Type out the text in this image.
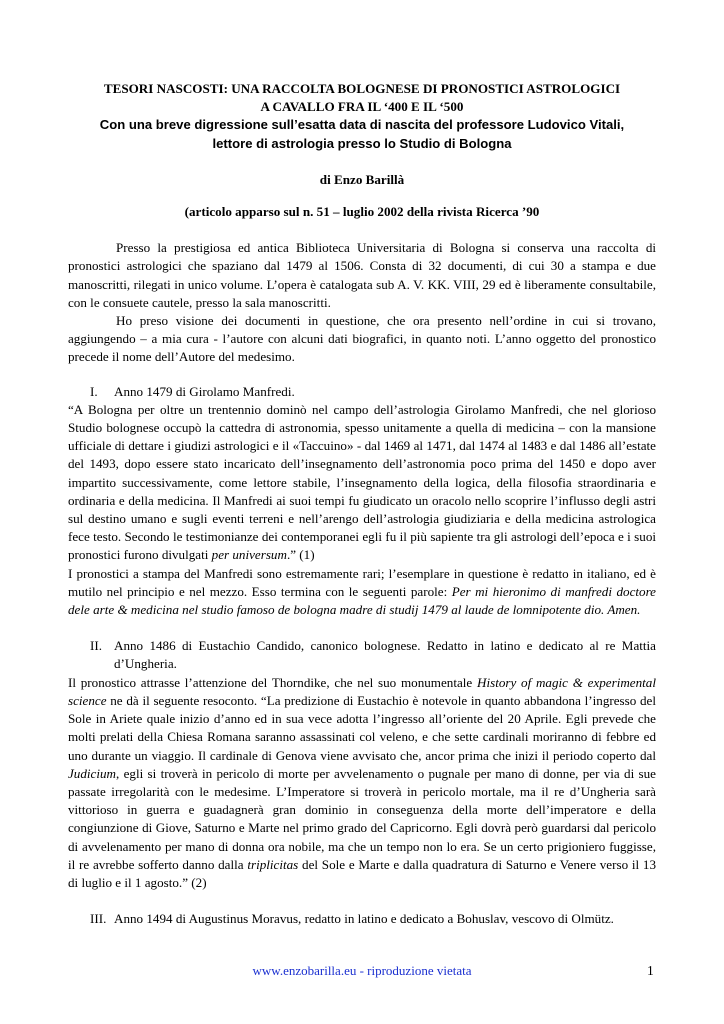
TESORI NASCOSTI: UNA RACCOLTA BOLOGNESE DI PRONOSTICI ASTROLOGICI

A CAVALLO FRA IL ‘400 E IL ‘500

Con una breve digressione sull’esatta data di nascita del professore Ludovico Vitali,

lettore di astrologia presso lo Studio di Bologna

di Enzo Barillà

(articolo apparso sul n. 51 – luglio 2002 della rivista Ricerca ’90

Presso la prestigiosa ed antica Biblioteca Universitaria di Bologna si conserva una raccolta di pronostici astrologici che spaziano dal 1479 al 1506. Consta di 32 documenti, di cui 30 a stampa e due manoscritti, rilegati in unico volume. L’opera è catalogata sub A. V. KK. VIII, 29 ed è liberamente consultabile, con le consuete cautele, presso la sala manoscritti.

Ho preso visione dei documenti in questione, che ora presento nell’ordine in cui si trovano, aggiungendo – a mia cura - l’autore con alcuni dati biografici, in quanto noti. L’anno oggetto del pronostico precede il nome dell’Autore del medesimo.

I.	Anno 1479 di Girolamo Manfredi.

“A Bologna per oltre un trentennio dominò nel campo dell’astrologia Girolamo Manfredi, che nel glorioso Studio bolognese occupò la cattedra di astronomia, spesso unitamente a quella di medicina – con la mansione ufficiale di dettare i giudizi astrologici e il «Taccuino» - dal 1469 al 1471, dal 1474 al 1483 e dal 1486 all’estate del 1493, dopo essere stato incaricato dell’insegnamento dell’astronomia poco prima del 1450 e dopo aver impartito successivamente, come lettore stabile, l’insegnamento della logica, della filosofia straordinaria e ordinaria e della medicina. Il Manfredi ai suoi tempi fu giudicato un oracolo nello scoprire l’influsso degli astri sul destino umano e sugli eventi terreni e nell’arengo dell’astrologia giudiziaria e della medicina astrologica fece testo. Secondo le testimonianze dei contemporanei egli fu il più sapiente tra gli astrologi dell’epoca e i suoi pronostici furono divulgati per universum.” (1)

I pronostici a stampa del Manfredi sono estremamente rari; l’esemplare in questione è redatto in italiano, ed è mutilo nel principio e nel mezzo. Esso termina con le seguenti parole: Per mi hieronimo di manfredi doctore dele arte & medicina nel studio famoso de bologna madre di studij 1479 al laude de lomnipotente dio. Amen.

II. Anno 1486 di Eustachio Candido, canonico bolognese. Redatto in latino e dedicato al re Mattia d’Ungheria.

Il pronostico attrasse l’attenzione del Thorndike, che nel suo monumentale History of magic & experimental science ne dà il seguente resoconto. “La predizione di Eustachio è notevole in quanto abbandona l’ingresso del Sole in Ariete quale inizio d’anno ed in sua vece adotta l’ingresso all’oriente del 20 Aprile. Egli prevede che molti prelati della Chiesa Romana saranno assassinati col veleno, e che sette cardinali moriranno di febbre ed uno durante un viaggio. Il cardinale di Genova viene avvisato che, ancor prima che inizi il periodo coperto dal Judicium, egli si troverà in pericolo di morte per avvelenamento o pugnale per mano di donne, per via di sue passate irregolarità con le medesime. L’Imperatore si troverà in pericolo mortale, ma il re d’Ungheria sarà vittorioso in guerra e guadagnerà gran dominio in conseguenza della morte dell’imperatore e della congiunzione di Giove, Saturno e Marte nel primo grado del Capricorno. Egli dovrà però guardarsi dal pericolo di avvelenamento per mano di donna ora nobile, ma che un tempo non lo era. Se un certo prigioniero fuggisse, il re avrebbe sofferto danno dalla triplicitas del Sole e Marte e dalla quadratura di Saturno e Venere verso il 13 di luglio e il 1 agosto.” (2)

III. Anno 1494 di Augustinus Moravus, redatto in latino e dedicato a Bohuslav, vescovo di Olmütz.
www.enzobarilla.eu - riproduzione vietata	1
